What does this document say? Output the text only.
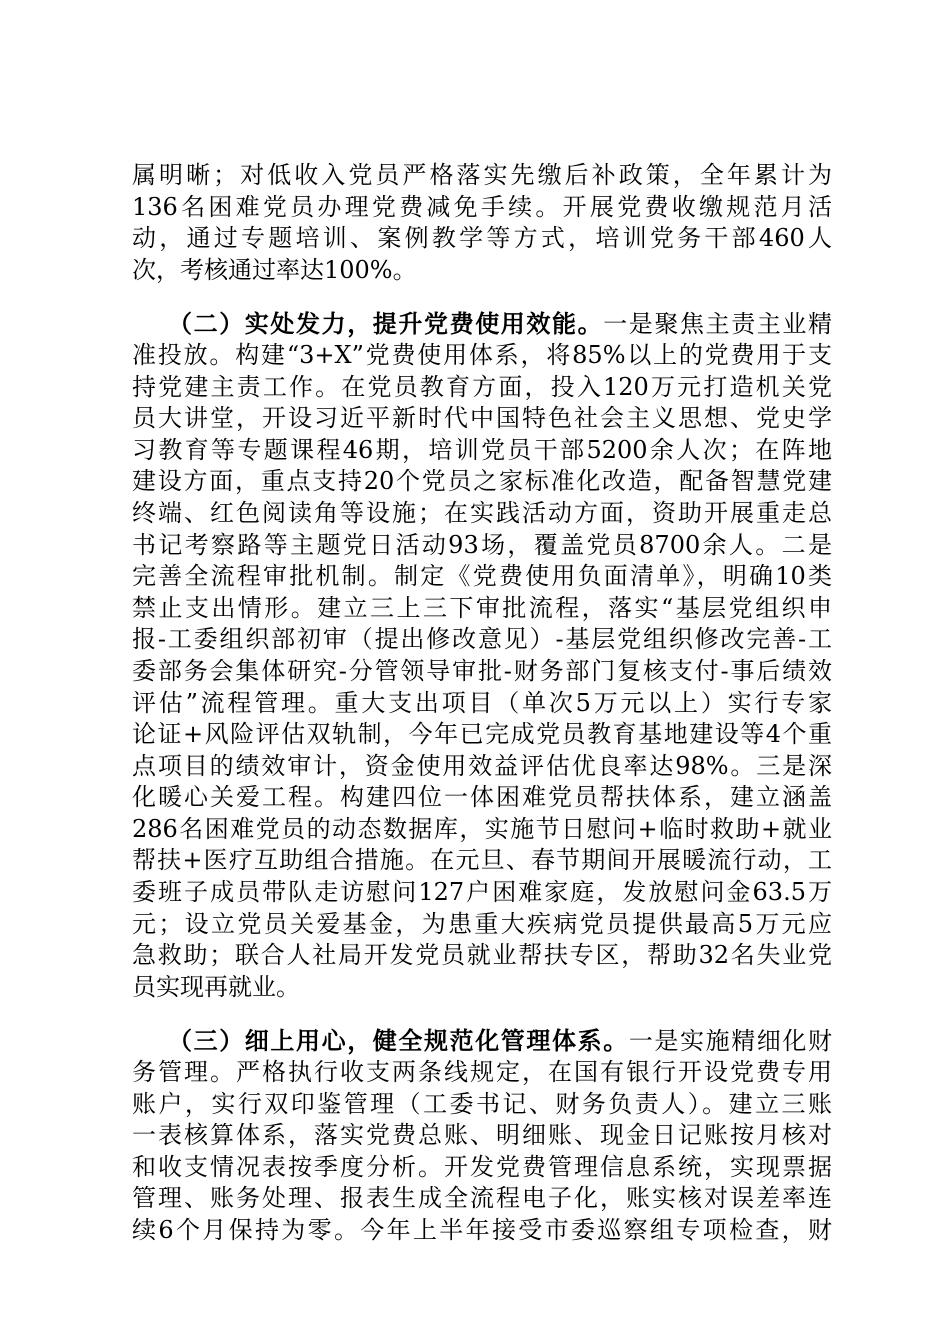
属明晰；对低收入党员严格落实先缴后补政策，全年累计为
136名困难党员办理党费减免手续。开展党费收缴规范月活
动，通过专题培训、案例教学等方式，培训党务干部460人
次，考核通过率达100%。
（二）实处发力，提升党费使用效能。一是聚焦主责主业精
准投放。构建“3+X”党费使用体系，将85%以上的党费用于支
持党建主责工作。在党员教育方面，投入120万元打造机关党
员大讲堂，开设习近平新时代中国特色社会主义思想、党史学
习教育等专题课程46期，培训党员干部5200余人次；在阵地
建设方面，重点支持20个党员之家标准化改造，配备智慧党建
终端、红色阅读角等设施；在实践活动方面，资助开展重走总
书记考察路等主题党日活动93场，覆盖党员8700余人。二是
完善全流程审批机制。制定《党费使用负面清单》，明确10类
禁止支出情形。建立三上三下审批流程，落实“基层党组织申
报-工委组织部初审（提出修改意见）-基层党组织修改完善-工
委部务会集体研究-分管领导审批-财务部门复核支付-事后绩效
评估”流程管理。重大支出项目（单次5万元以上）实行专家
论证+风险评估双轨制，今年已完成党员教育基地建设等4个重
点项目的绩效审计，资金使用效益评估优良率达98%。三是深
化暖心关爱工程。构建四位一体困难党员帮扶体系，建立涵盖
286名困难党员的动态数据库，实施节日慰问+临时救助+就业
帮扶+医疗互助组合措施。在元旦、春节期间开展暖流行动，工
委班子成员带队走访慰问127户困难家庭，发放慰问金63.5万
元；设立党员关爱基金，为患重大疾病党员提供最高5万元应
急救助；联合人社局开发党员就业帮扶专区，帮助32名失业党
员实现再就业。
（三）细上用心，健全规范化管理体系。一是实施精细化财
务管理。严格执行收支两条线规定，在国有银行开设党费专用
账户，实行双印鉴管理（工委书记、财务负责人）。建立三账
一表核算体系，落实党费总账、明细账、现金日记账按月核对
和收支情况表按季度分析。开发党费管理信息系统，实现票据
管理、账务处理、报表生成全流程电子化，账实核对误差率连
续6个月保持为零。今年上半年接受市委巡察组专项检查，财
